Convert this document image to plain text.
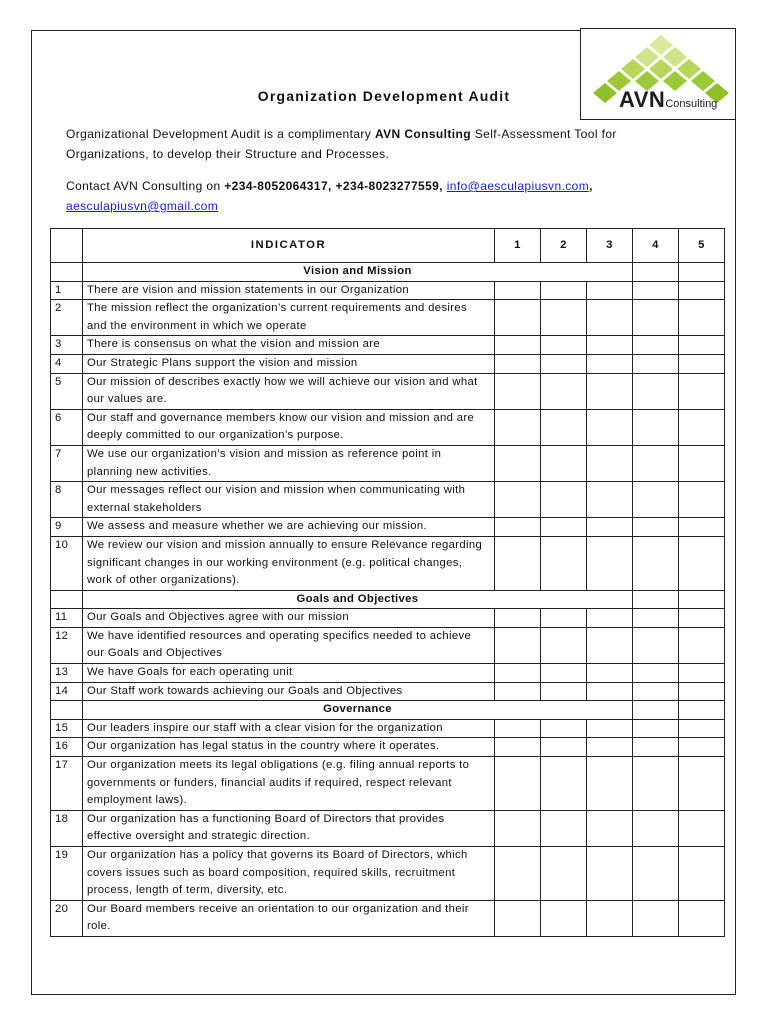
AVNConsulting
Organization Development Audit
Organizational Development Audit is a complimentary AVN Consulting Self-Assessment Tool for Organizations, to develop their Structure and Processes.
Contact AVN Consulting on +234-8052064317, +234-8023277559, info@aesculapiusvn.com,
aesculapiusvn@gmail.com
	INDICATOR	1	2	3	4	5
	Vision and Mission					
1	There are vision and mission statements in our Organization					
2	The mission reflect the organization’s current requirements and desires and the environment in which we operate					
3	There is consensus on what the vision and mission are					
4	Our Strategic Plans support the vision and mission					
5	Our mission of describes exactly how we will achieve our vision and what our values are.					
6	Our staff and governance members know our vision and mission and are deeply committed to our organization’s purpose.					
7	We use our organization’s vision and mission as reference point in planning new activities.					
8	Our messages reflect our vision and mission when communicating with external stakeholders					
9	We assess and measure whether we are achieving our mission.					
10	We review our vision and mission annually to ensure Relevance regarding significant changes in our working environment (e.g. political changes, work of other organizations).					
	Goals and Objectives					
11	Our Goals and Objectives agree with our mission					
12	We have identified resources and operating specifics needed to achieve our Goals and Objectives					
13	We have Goals for each operating unit					
14	Our Staff work towards achieving our Goals and Objectives					
	Governance					
15	Our leaders inspire our staff with a clear vision for the organization					
16	Our organization has legal status in the country where it operates.					
17	Our organization meets its legal obligations (e.g. filing annual reports to governments or funders, financial audits if required, respect relevant employment laws).					
18	Our organization has a functioning Board of Directors that provides effective oversight and strategic direction.					
19	Our organization has a policy that governs its Board of Directors, which covers issues such as board composition, required skills, recruitment process, length of term, diversity, etc.					
20	Our Board members receive an orientation to our organization and their role.					
